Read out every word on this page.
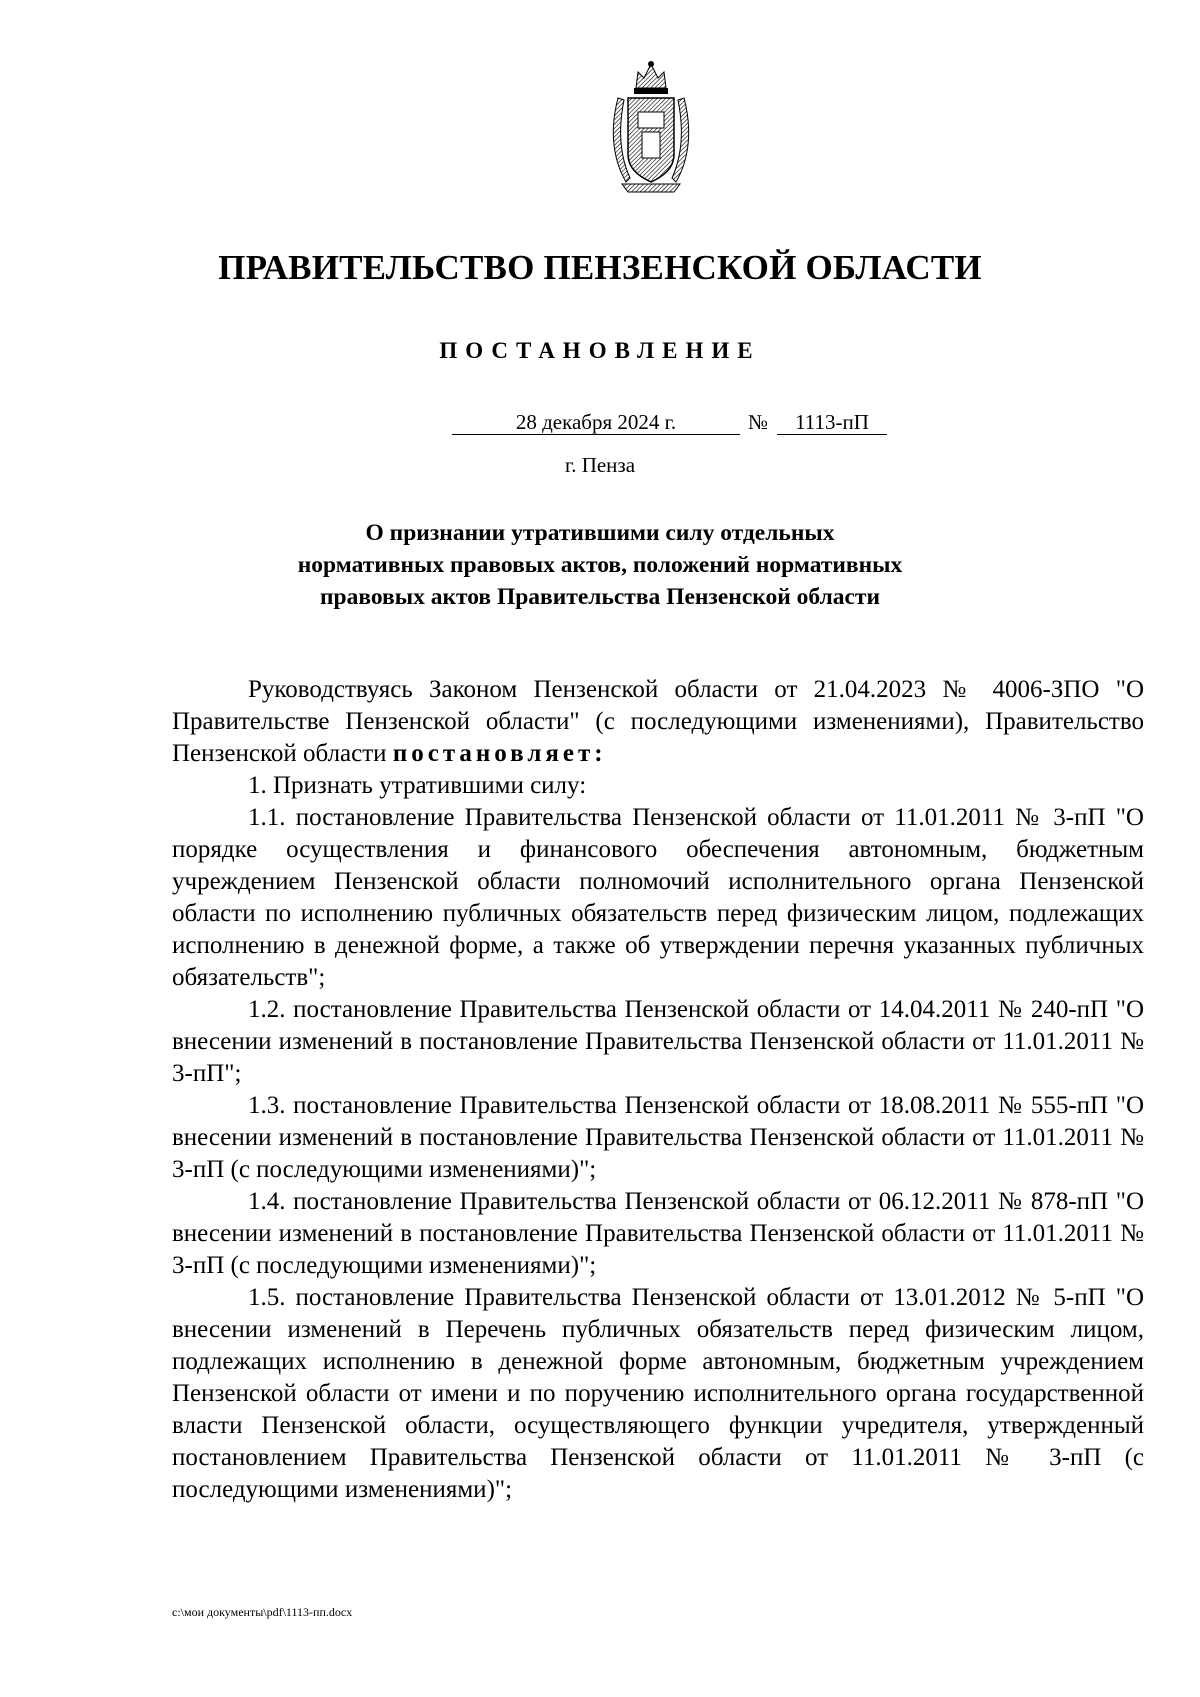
ПРАВИТЕЛЬСТВО ПЕНЗЕНСКОЙ ОБЛАСТИ
ПОСТАНОВЛЕНИЕ
28 декабря 2024 г.	№	1113-пП
г. Пенза
О признании утратившими силу отдельных
нормативных правовых актов, положений нормативных
правовых актов Правительства Пензенской области

Руководствуясь Законом Пензенской области от 21.04.2023 № 4006-ЗПО "О Правительстве Пензенской области" (с последующими изменениями), Правительство Пензенской области постановляет:

1. Признать утратившими силу:

1.1. постановление Правительства Пензенской области от 11.01.2011 № 3-пП "О порядке осуществления и финансового обеспечения автономным, бюджетным учреждением Пензенской области полномочий исполнительного органа Пензенской области по исполнению публичных обязательств перед физическим лицом, подлежащих исполнению в денежной форме, а также об утверждении перечня указанных публичных обязательств";

1.2. постановление Правительства Пензенской области от 14.04.2011 № 240-пП "О внесении изменений в постановление Правительства Пензенской области от 11.01.2011 № 3-пП";

1.3. постановление Правительства Пензенской области от 18.08.2011 № 555-пП "О внесении изменений в постановление Правительства Пензенской области от 11.01.2011 № 3-пП (с последующими изменениями)";

1.4. постановление Правительства Пензенской области от 06.12.2011 № 878-пП "О внесении изменений в постановление Правительства Пензенской области от 11.01.2011 № 3-пП (с последующими изменениями)";

1.5. постановление Правительства Пензенской области от 13.01.2012 № 5-пП "О внесении изменений в Перечень публичных обязательств перед физическим лицом, подлежащих исполнению в денежной форме автономным, бюджетным учреждением Пензенской области от имени и по поручению исполнительного органа государственной власти Пензенской области, осуществляющего функции учредителя, утвержденный постановлением Правительства Пензенской области от 11.01.2011 № 3-пП (с последующими изменениями)";

c:\мои документы\pdf\1113-пп.docx
